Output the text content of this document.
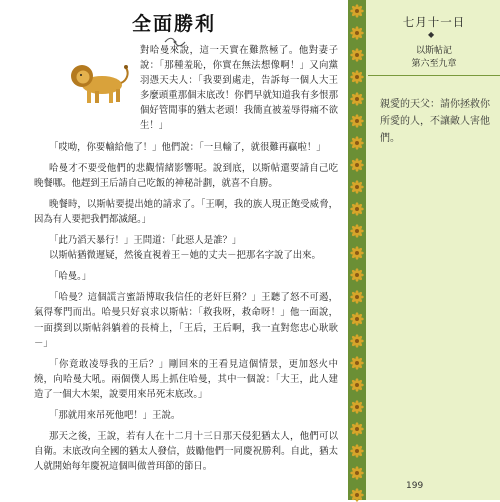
全面勝利

對哈曼來說，這一天實在難熬極了。他對妻子說：「那種羞恥，你實在無法想像啊！」又向黨羽憑天夫人：「我要到處走，告訴每一個人大王多麼頭重那個末底改！你們早就知道我有多恨那個好管閒事的猶太老頭！我簡直被羞辱得痛不欲生！」

「哎呦，你要輸給他了！」他們說：「一旦輸了，就很難再贏啦！」

哈曼才不要受他們的悲觀情緒影響呢。說到底，以斯帖還要請自己吃晚餐哪。他趕到王后請自己吃飯的神秘計劃，就喜不自勝。

晚餐時，以斯帖要提出她的請求了。「王啊，我的族人現正飽受威脅，因為有人要把我們都滅絕。」

「此乃滔天暴行！」王問道：「此惡人是誰？」

以斯帖猶微遲疑，然後直視着王－她的丈夫－把那名字說了出來。

「哈曼。」

「哈曼？這個謊言蜜語博取我信任的老奸巨猾？」王聽了怒不可遏，氣得奪門而出。哈曼只好哀求以斯帖：「救我呀，救命呀！」他一面說，一面撲到以斯帖斜躺着的長椅上，「王后，王后啊，我一直對您忠心耿耿－」

「你竟敢凌辱我的王后？」剛回來的王看見這個情景，更加怒火中燒，向哈曼大吼。兩個僕人馬上抓住哈曼，其中一個說：「大王，此人建造了一個大木架，說要用來吊死末底改。」

「那就用來吊死他吧！」王說。

那天之後，王說，若有人在十二月十三日那天侵犯猶太人，他們可以自衛。末底改向全國的猶太人發信，鼓勵他們一同慶祝勝利。自此，猶太人就開始每年慶祝這個叫做普珥節的節日。

七月十一日
◆
以斯帖記
第六至九章
親愛的天父：請你拯救你所愛的人，不讓敵人害他們。
199
